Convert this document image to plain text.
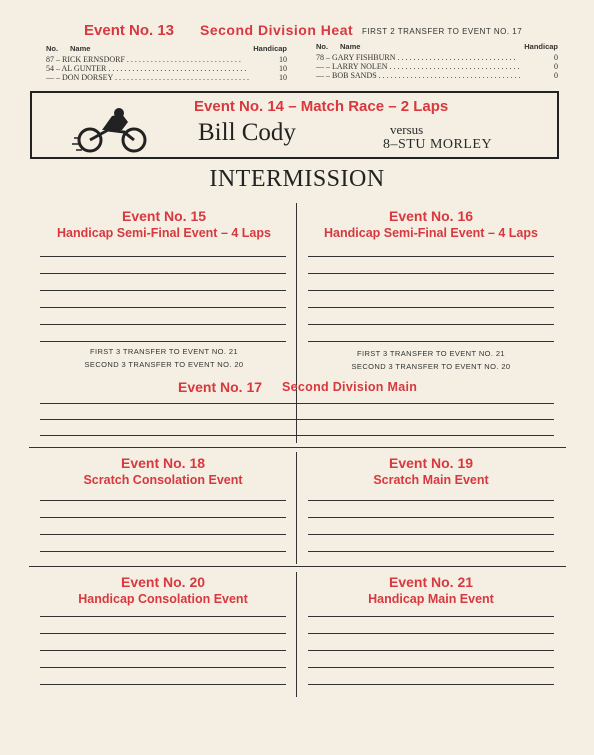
Event No. 13 Second Division Heat FIRST 2 TRANSFER TO EVENT NO. 17
No.	Name	Handicap
87 – RICK ERNSDORF . . . . . . . . . . . . . . . . . . . . . . . . . . . . .	10
54 – AL GUNTER . . . . . . . . . . . . . . . . . . . . . . . . . . . . . . . . . . .	10
— – DON DORSEY . . . . . . . . . . . . . . . . . . . . . . . . . . . . . . . . . .	10
No.	Name	Handicap
78 – GARY FISHBURN . . . . . . . . . . . . . . . . . . . . . . . . . . . . . .	0
— – LARRY NOLEN . . . . . . . . . . . . . . . . . . . . . . . . . . . . . . . . .	0
— – BOB SANDS . . . . . . . . . . . . . . . . . . . . . . . . . . . . . . . . . . . .	0
Event No. 14 – Match Race – 2 Laps
Bill Cody	versus
8–STU MORLEY
INTERMISSION
Event No. 15
Handicap Semi-Final Event – 4 Laps
FIRST 3 TRANSFER TO EVENT NO. 21
SECOND 3 TRANSFER TO EVENT NO. 20
Event No. 16
Handicap Semi-Final Event – 4 Laps
FIRST 3 TRANSFER TO EVENT NO. 21
SECOND 3 TRANSFER TO EVENT NO. 20
Event No. 17	Second Division Main
Event No. 18
Scratch Consolation Event
Event No. 19
Scratch Main Event
Event No. 20
Handicap Consolation Event
Event No. 21
Handicap Main Event
